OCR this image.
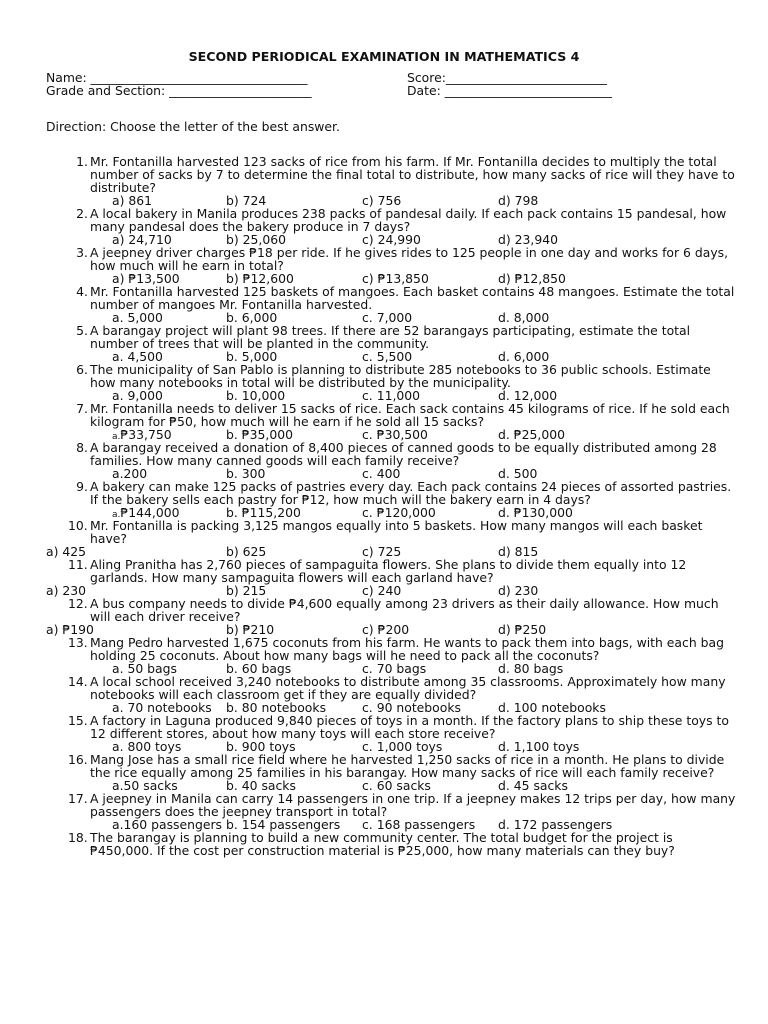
SECOND PERIODICAL EXAMINATION IN MATHEMATICS 4
Name: ___________________________________	Score:__________________________
Grade and Section: _______________________	Date: ___________________________
Direction: Choose the letter of the best answer.
1. Mr. Fontanilla harvested 123 sacks of rice from his farm. If Mr. Fontanilla decides to multiply the total number of sacks by 7 to determine the final total to distribute, how many sacks of rice will they have to distribute?
a) 861	b) 724	c) 756	d) 798
2. A local bakery in Manila produces 238 packs of pandesal daily. If each pack contains 15 pandesal, how many pandesal does the bakery produce in 7 days?
a) 24,710	b) 25,060	c) 24,990	d) 23,940
3. A jeepney driver charges ₱18 per ride. If he gives rides to 125 people in one day and works for 6 days, how much will he earn in total?
a) ₱13,500	b) ₱12,600	c) ₱13,850	d) ₱12,850
4. Mr. Fontanilla harvested 125 baskets of mangoes. Each basket contains 48 mangoes. Estimate the total number of mangoes Mr. Fontanilla harvested.
a. 5,000	b. 6,000	c. 7,000	d. 8,000
5. A barangay project will plant 98 trees. If there are 52 barangays participating, estimate the total number of trees that will be planted in the community.
a. 4,500	b. 5,000	c. 5,500	d. 6,000
6. The municipality of San Pablo is planning to distribute 285 notebooks to 36 public schools. Estimate how many notebooks in total will be distributed by the municipality.
a. 9,000	b. 10,000	c. 11,000	d. 12,000
7. Mr. Fontanilla needs to deliver 15 sacks of rice. Each sack contains 45 kilograms of rice. If he sold each kilogram for ₱50, how much will he earn if he sold all 15 sacks?
a.₱33,750	b. ₱35,000	c. ₱30,500	d. ₱25,000
8. A barangay received a donation of 8,400 pieces of canned goods to be equally distributed among 28 families. How many canned goods will each family receive?
a.200	b. 300	c. 400	d. 500
9. A bakery can make 125 packs of pastries every day. Each pack contains 24 pieces of assorted pastries. If the bakery sells each pastry for ₱12, how much will the bakery earn in 4 days?
a.₱144,000	b. ₱115,200	c. ₱120,000	d. ₱130,000
10. Mr. Fontanilla is packing 3,125 mangos equally into 5 baskets. How many mangos will each basket have?
a) 425	b) 625	c) 725	d) 815
11. Aling Pranitha has 2,760 pieces of sampaguita flowers. She plans to divide them equally into 12 garlands. How many sampaguita flowers will each garland have?
a) 230	b) 215	c) 240	d) 230
12. A bus company needs to divide ₱4,600 equally among 23 drivers as their daily allowance. How much will each driver receive?
a) ₱190	b) ₱210	c) ₱200	d) ₱250
13. Mang Pedro harvested 1,675 coconuts from his farm. He wants to pack them into bags, with each bag holding 25 coconuts. About how many bags will he need to pack all the coconuts?
a. 50 bags	b. 60 bags	c. 70 bags	d. 80 bags
14. A local school received 3,240 notebooks to distribute among 35 classrooms. Approximately how many notebooks will each classroom get if they are equally divided?
a. 70 notebooks b. 80 notebooks	c. 90 notebooks	d. 100 notebooks
15. A factory in Laguna produced 9,840 pieces of toys in a month. If the factory plans to ship these toys to 12 different stores, about how many toys will each store receive?
a. 800 toys	b. 900 toys	c. 1,000 toys	d. 1,100 toys
16. Mang Jose has a small rice field where he harvested 1,250 sacks of rice in a month. He plans to divide the rice equally among 25 families in his barangay. How many sacks of rice will each family receive?
a.50 sacks	b. 40 sacks	c. 60 sacks	d. 45 sacks
17. A jeepney in Manila can carry 14 passengers in one trip. If a jeepney makes 12 trips per day, how many passengers does the jeepney transport in total?
a.160 passengers b. 154 passengers c. 168 passengers d. 172 passengers
18. The barangay is planning to build a new community center. The total budget for the project is ₱450,000. If the cost per construction material is ₱25,000, how many materials can they buy?
